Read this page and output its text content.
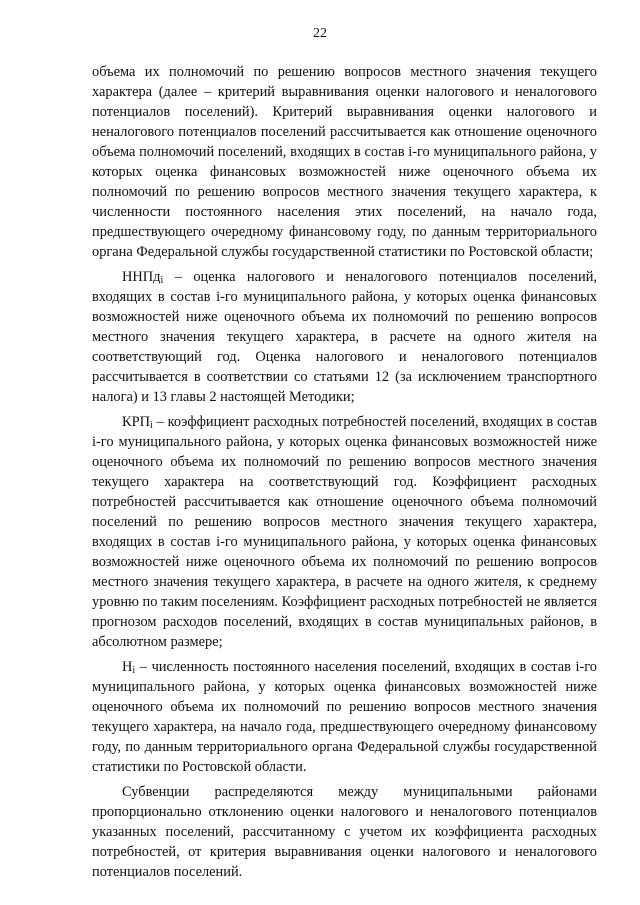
22

объема их полномочий по решению вопросов местного значения текущего характера (далее – критерий выравнивания оценки налогового и неналогового потенциалов поселений). Критерий выравнивания оценки налогового и неналогового потенциалов поселений рассчитывается как отношение оценочного объема полномочий поселений, входящих в состав i-го муниципального района, у которых оценка финансовых возможностей ниже оценочного объема их полномочий по решению вопросов местного значения текущего характера, к численности постоянного населения этих поселений, на начало года, предшествующего очередному финансовому году, по данным территориального органа Федеральной службы государственной статистики по Ростовской области;

ННПд$_i$ – оценка налогового и неналогового потенциалов поселений, входящих в состав i-го муниципального района, у которых оценка финансовых возможностей ниже оценочного объема их полномочий по решению вопросов местного значения текущего характера, в расчете на одного жителя на соответствующий год. Оценка налогового и неналогового потенциалов рассчитывается в соответствии со статьями 12 (за исключением транспортного налога) и 13 главы 2 настоящей Методики;

$КРП_i$ – коэффициент расходных потребностей поселений, входящих в состав i-го муниципального района, у которых оценка финансовых возможностей ниже оценочного объема их полномочий по решению вопросов местного значения текущего характера на соответствующий год. Коэффициент расходных потребностей рассчитывается как отношение оценочного объема полномочий поселений по решению вопросов местного значения текущего характера, входящих в состав i-го муниципального района, у которых оценка финансовых возможностей ниже оценочного объема их полномочий по решению вопросов местного значения текущего характера, в расчете на одного жителя, к среднему уровню по таким поселениям. Коэффициент расходных потребностей не является прогнозом расходов поселений, входящих в состав муниципальных районов, в абсолютном размере;

$Н_i$ – численность постоянного населения поселений, входящих в состав i-го муниципального района, у которых оценка финансовых возможностей ниже оценочного объема их полномочий по решению вопросов местного значения текущего характера, на начало года, предшествующего очередному финансовому году, по данным территориального органа Федеральной службы государственной статистики по Ростовской области.

Субвенции распределяются между муниципальными районами пропорционально отклонению оценки налогового и неналогового потенциалов указанных поселений, рассчитанному с учетом их коэффициента расходных потребностей, от критерия выравнивания оценки налогового и неналогового потенциалов поселений.
